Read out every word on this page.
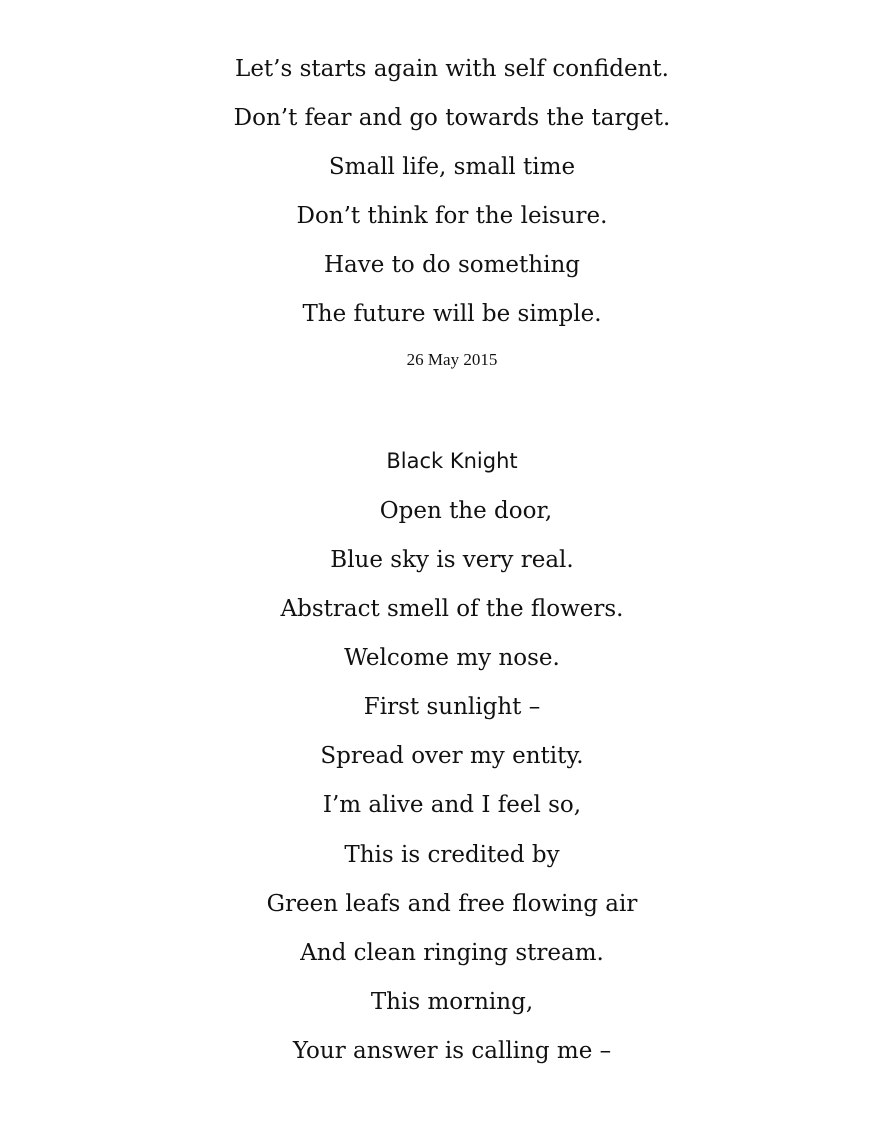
Let’s starts again with self confident.
Don’t fear and go towards the target.
Small life, small time
Don’t think for the leisure.
Have to do something
The future will be simple.
26 May 2015
Black Knight
Open the door,
Blue sky is very real.
Abstract smell of the flowers.
Welcome my nose.
First sunlight –
Spread over my entity.
I’m alive and I feel so,
This is credited by
Green leafs and free flowing air
And clean ringing stream.
This morning,
Your answer is calling me –
